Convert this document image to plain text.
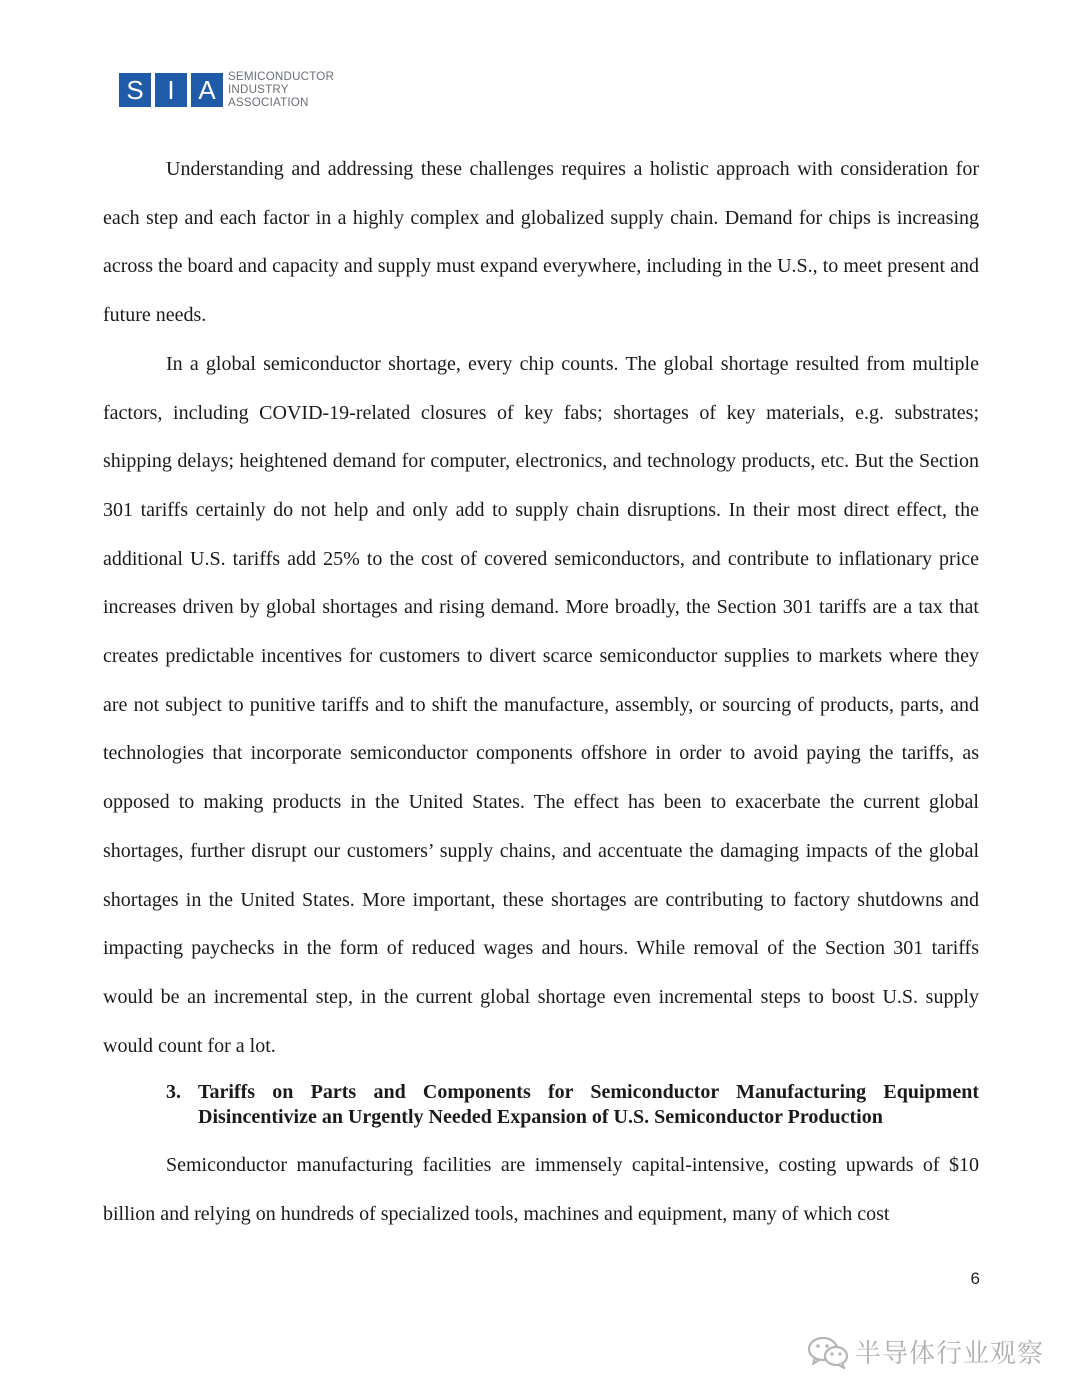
S I A	SEMICONDUCTOR
INDUSTRY
ASSOCIATION

Understanding and addressing these challenges requires a holistic approach with consideration for each step and each factor in a highly complex and globalized supply chain. Demand for chips is increasing across the board and capacity and supply must expand everywhere, including in the U.S., to meet present and future needs.

In a global semiconductor shortage, every chip counts. The global shortage resulted from multiple factors, including COVID-19-related closures of key fabs; shortages of key materials, e.g. substrates; shipping delays; heightened demand for computer, electronics, and technology products, etc. But the Section 301 tariffs certainly do not help and only add to supply chain disruptions. In their most direct effect, the additional U.S. tariffs add 25% to the cost of covered semiconductors, and contribute to inflationary price increases driven by global shortages and rising demand. More broadly, the Section 301 tariffs are a tax that creates predictable incentives for customers to divert scarce semiconductor supplies to markets where they are not subject to punitive tariffs and to shift the manufacture, assembly, or sourcing of products, parts, and technologies that incorporate semiconductor components offshore in order to avoid paying the tariffs, as opposed to making products in the United States. The effect has been to exacerbate the current global shortages, further disrupt our customers’ supply chains, and accentuate the damaging impacts of the global shortages in the United States. More important, these shortages are contributing to factory shutdowns and impacting paychecks in the form of reduced wages and hours. While removal of the Section 301 tariffs would be an incremental step, in the current global shortage even incremental steps to boost U.S. supply would count for a lot.

3. Tariffs on Parts and Components for Semiconductor Manufacturing Equipment Disincentivize an Urgently Needed Expansion of U.S. Semiconductor Production

Semiconductor manufacturing facilities are immensely capital-intensive, costing upwards of $10 billion and relying on hundreds of specialized tools, machines and equipment, many of which cost

6
半导体行业观察
